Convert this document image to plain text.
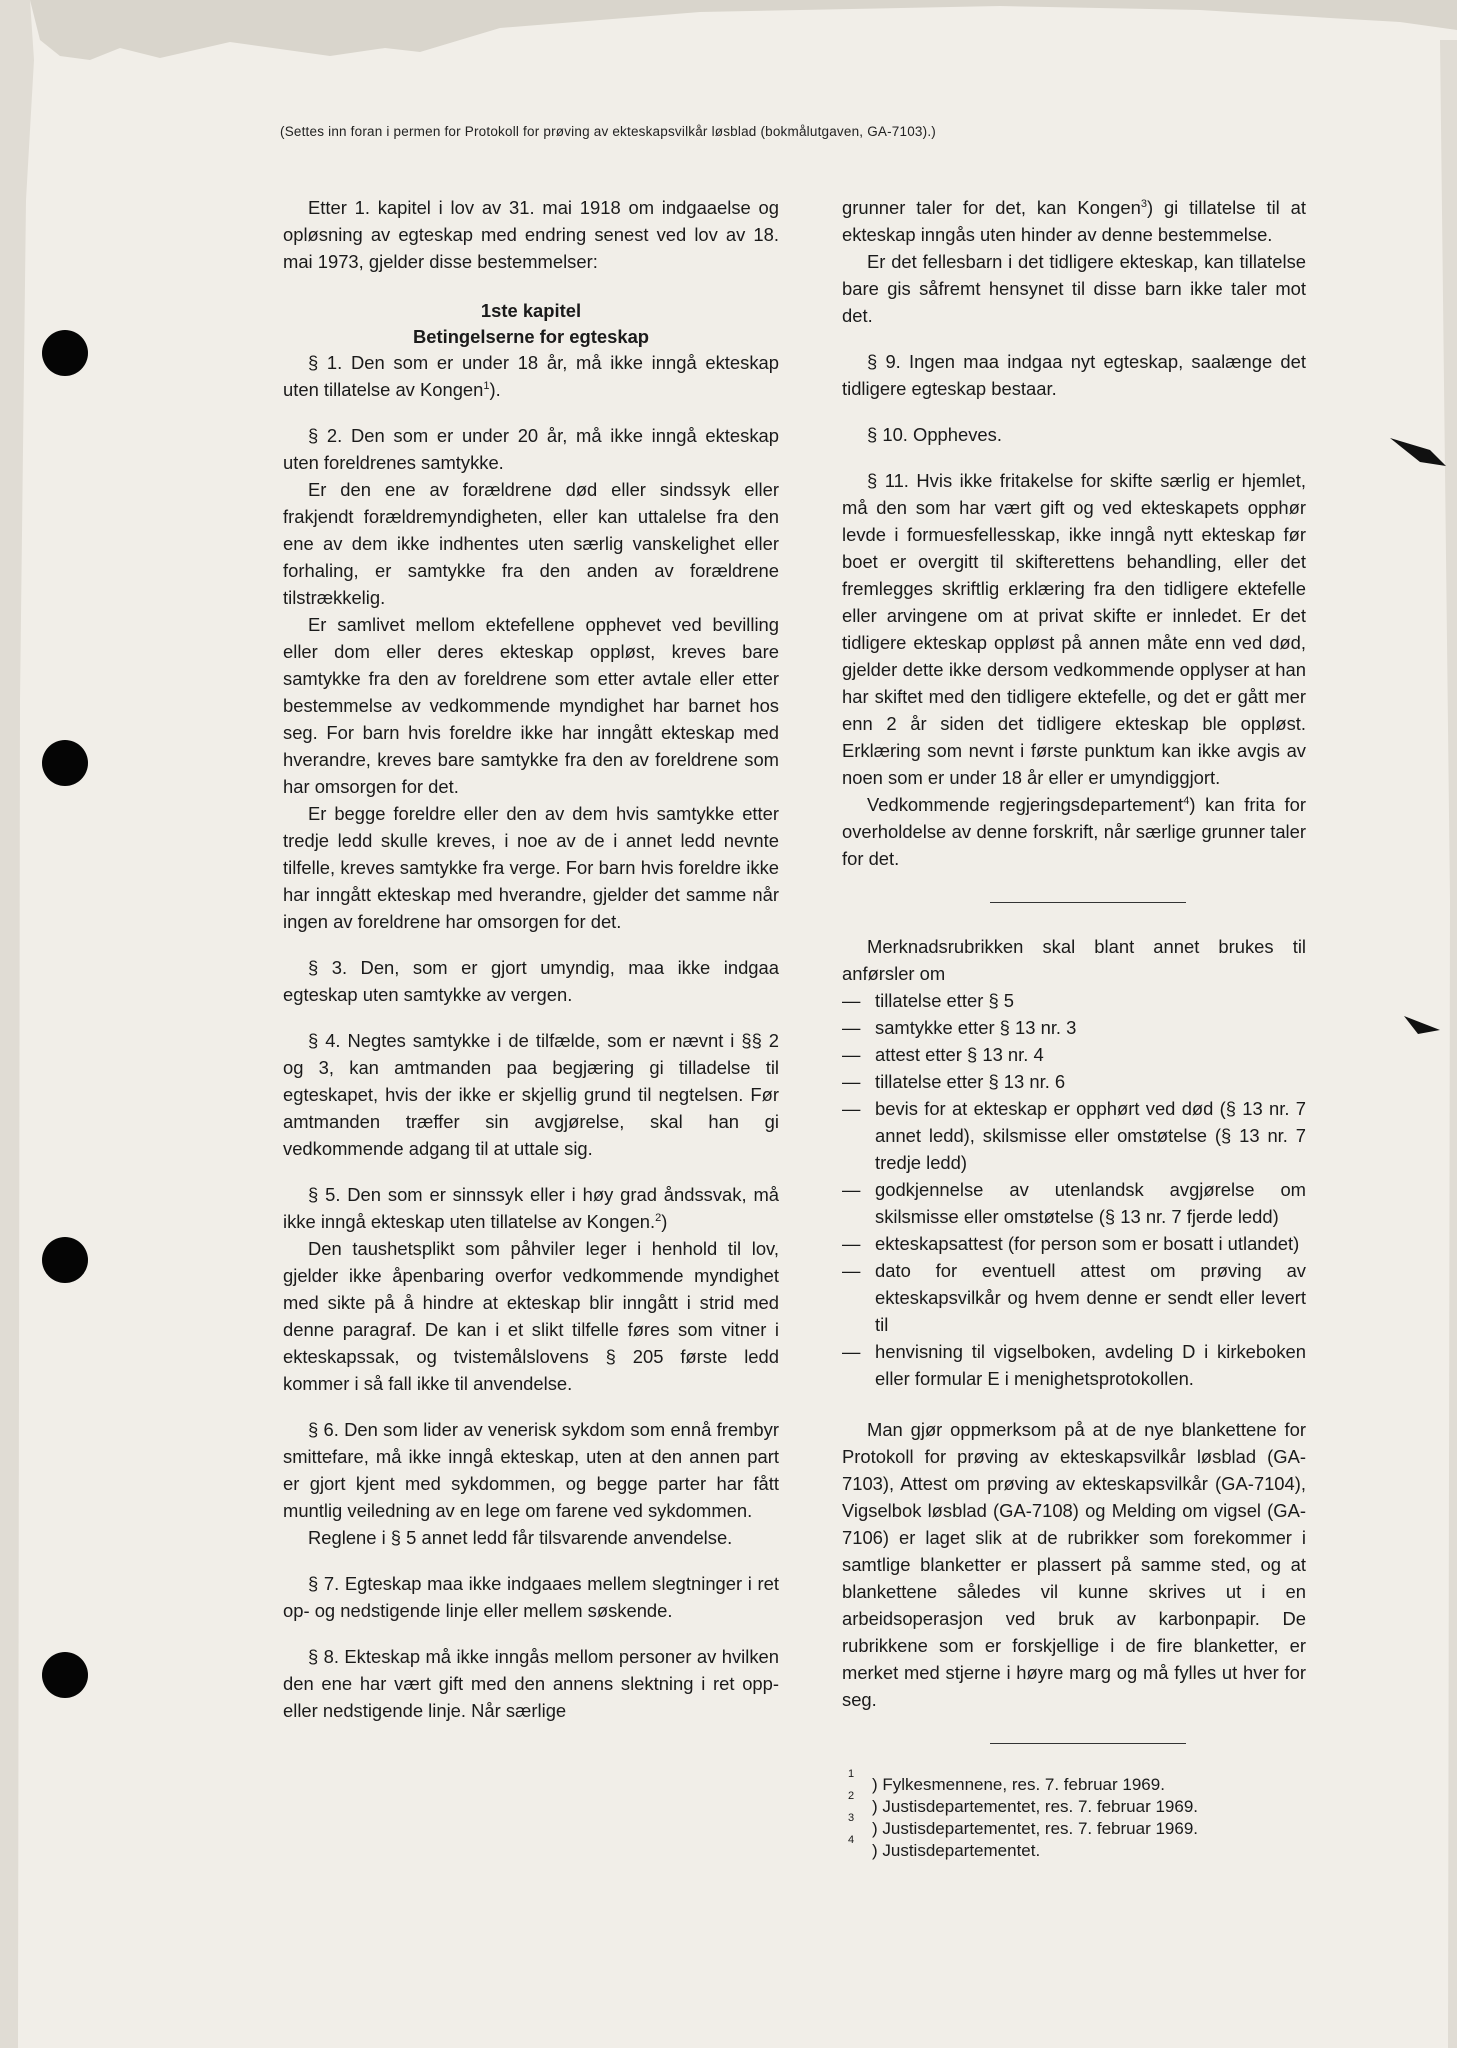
(Settes inn foran i permen for Protokoll for prøving av ekteskapsvilkår løsblad (bokmålutgaven, GA-7103).)

Etter 1. kapitel i lov av 31. mai 1918 om indgaaelse og opløsning av egteskap med endring senest ved lov av 18. mai 1973, gjelder disse bestemmelser:

1ste kapitel

Betingelserne for egteskap

§ 1. Den som er under 18 år, må ikke inngå ekteskap uten tillatelse av Kongen$^1$).

§ 2. Den som er under 20 år, må ikke inngå ekteskap uten foreldrenes samtykke.

Er den ene av forældrene død eller sindssyk eller frakjendt forældremyndigheten, eller kan uttalelse fra den ene av dem ikke indhentes uten særlig vanskelighet eller forhaling, er samtykke fra den anden av forældrene tilstrækkelig.

Er samlivet mellom ektefellene opphevet ved bevilling eller dom eller deres ekteskap oppløst, kreves bare samtykke fra den av foreldrene som etter avtale eller etter bestemmelse av vedkommende myndighet har barnet hos seg. For barn hvis foreldre ikke har inngått ekteskap med hverandre, kreves bare samtykke fra den av foreldrene som har omsorgen for det.

Er begge foreldre eller den av dem hvis samtykke etter tredje ledd skulle kreves, i noe av de i annet ledd nevnte tilfelle, kreves samtykke fra verge. For barn hvis foreldre ikke har inngått ekteskap med hverandre, gjelder det samme når ingen av foreldrene har omsorgen for det.

§ 3. Den, som er gjort umyndig, maa ikke indgaa egteskap uten samtykke av vergen.

§ 4. Negtes samtykke i de tilfælde, som er nævnt i §§ 2 og 3, kan amtmanden paa begjæring gi tilladelse til egteskapet, hvis der ikke er skjellig grund til negtelsen. Før amtmanden træffer sin avgjørelse, skal han gi vedkommende adgang til at uttale sig.

§ 5. Den som er sinnssyk eller i høy grad åndssvak, må ikke inngå ekteskap uten tillatelse av Kongen.$^2$)

Den taushetsplikt som påhviler leger i henhold til lov, gjelder ikke åpenbaring overfor vedkommende myndighet med sikte på å hindre at ekteskap blir inngått i strid med denne paragraf. De kan i et slikt tilfelle føres som vitner i ekteskapssak, og tvistemålslovens § 205 første ledd kommer i så fall ikke til anvendelse.

§ 6. Den som lider av venerisk sykdom som ennå frembyr smittefare, må ikke inngå ekteskap, uten at den annen part er gjort kjent med sykdommen, og begge parter har fått muntlig veiledning av en lege om farene ved sykdommen.

Reglene i § 5 annet ledd får tilsvarende anvendelse.

§ 7. Egteskap maa ikke indgaaes mellem slegtninger i ret op- og nedstigende linje eller mellem søskende.

§ 8. Ekteskap må ikke inngås mellom personer av hvilken den ene har vært gift med den annens slektning i ret opp- eller nedstigende linje. Når særlige

grunner taler for det, kan Kongen$^3$) gi tillatelse til at ekteskap inngås uten hinder av denne bestemmelse.

Er det fellesbarn i det tidligere ekteskap, kan tillatelse bare gis såfremt hensynet til disse barn ikke taler mot det.

§ 9. Ingen maa indgaa nyt egteskap, saalænge det tidligere egteskap bestaar.

§ 10. Oppheves.

§ 11. Hvis ikke fritakelse for skifte særlig er hjemlet, må den som har vært gift og ved ekteskapets opphør levde i formuesfellesskap, ikke inngå nytt ekteskap før boet er overgitt til skifterettens behandling, eller det fremlegges skriftlig erklæring fra den tidligere ektefelle eller arvingene om at privat skifte er innledet. Er det tidligere ekteskap oppløst på annen måte enn ved død, gjelder dette ikke dersom vedkommende opplyser at han har skiftet med den tidligere ektefelle, og det er gått mer enn 2 år siden det tidligere ekteskap ble oppløst. Erklæring som nevnt i første punktum kan ikke avgis av noen som er under 18 år eller er umyndiggjort.

Vedkommende regjeringsdepartement$^4$) kan frita for overholdelse av denne forskrift, når særlige grunner taler for det.

Merknadsrubrikken skal blant annet brukes til anførsler om

— tillatelse etter § 5
— samtykke etter § 13 nr. 3
— attest etter § 13 nr. 4
— tillatelse etter § 13 nr. 6
— bevis for at ekteskap er opphørt ved død (§ 13 nr. 7 annet ledd), skilsmisse eller omstøtelse (§ 13 nr. 7 tredje ledd)
— godkjennelse av utenlandsk avgjørelse om skilsmisse eller omstøtelse (§ 13 nr. 7 fjerde ledd)
— ekteskapsattest (for person som er bosatt i utlandet)
— dato for eventuell attest om prøving av ekteskapsvilkår og hvem denne er sendt eller levert til
— henvisning til vigselboken, avdeling D i kirkeboken eller formular E i menighetsprotokollen.

Man gjør oppmerksom på at de nye blankettene for Protokoll for prøving av ekteskapsvilkår løsblad (GA-7103), Attest om prøving av ekteskapsvilkår (GA-7104), Vigselbok løsblad (GA-7108) og Melding om vigsel (GA-7106) er laget slik at de rubrikker som forekommer i samtlige blanketter er plassert på samme sted, og at blankettene således vil kunne skrives ut i en arbeidsoperasjon ved bruk av karbonpapir. De rubrikkene som er forskjellige i de fire blanketter, er merket med stjerne i høyre marg og må fylles ut hver for seg.

1
) Fylkesmennene, res. 7. februar 1969.
2
) Justisdepartementet, res. 7. februar 1969.
3
) Justisdepartementet, res. 7. februar 1969.
4
) Justisdepartementet.
